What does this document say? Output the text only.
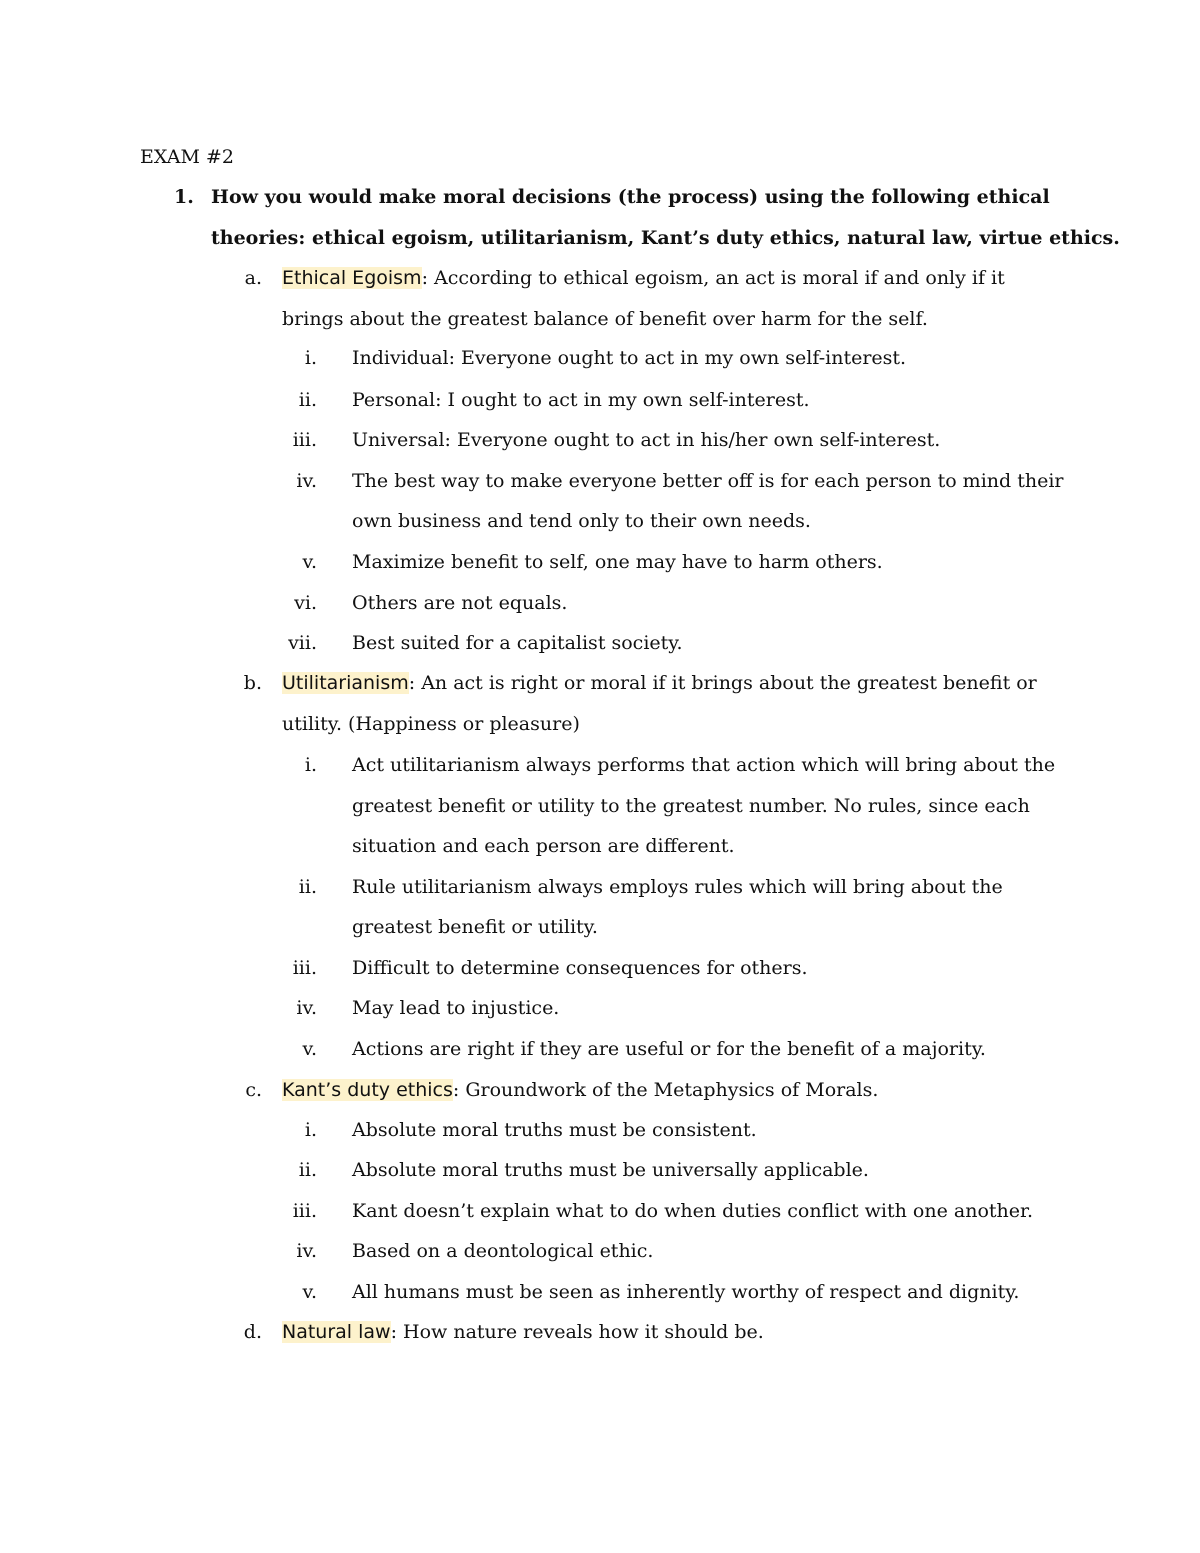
EXAM #2
1. How you would make moral decisions (the process) using the following ethical
theories: ethical egoism, utilitarianism, Kant’s duty ethics, natural law, virtue ethics.
a. Ethical Egoism: According to ethical egoism, an act is moral if and only if it
brings about the greatest balance of benefit over harm for the self.
i. Individual: Everyone ought to act in my own self-interest.
ii. Personal: I ought to act in my own self-interest.
iii. Universal: Everyone ought to act in his/her own self-interest.
iv. The best way to make everyone better off is for each person to mind their
own business and tend only to their own needs.
v. Maximize benefit to self, one may have to harm others.
vi. Others are not equals.
vii. Best suited for a capitalist society.
b. Utilitarianism: An act is right or moral if it brings about the greatest benefit or
utility. (Happiness or pleasure)
i. Act utilitarianism always performs that action which will bring about the
greatest benefit or utility to the greatest number. No rules, since each
situation and each person are different.
ii. Rule utilitarianism always employs rules which will bring about the
greatest benefit or utility.
iii. Difficult to determine consequences for others.
iv. May lead to injustice.
v. Actions are right if they are useful or for the benefit of a majority.
c. Kant’s duty ethics: Groundwork of the Metaphysics of Morals.
i. Absolute moral truths must be consistent.
ii. Absolute moral truths must be universally applicable.
iii. Kant doesn’t explain what to do when duties conflict with one another.
iv. Based on a deontological ethic.
v. All humans must be seen as inherently worthy of respect and dignity.
d. Natural law: How nature reveals how it should be.
